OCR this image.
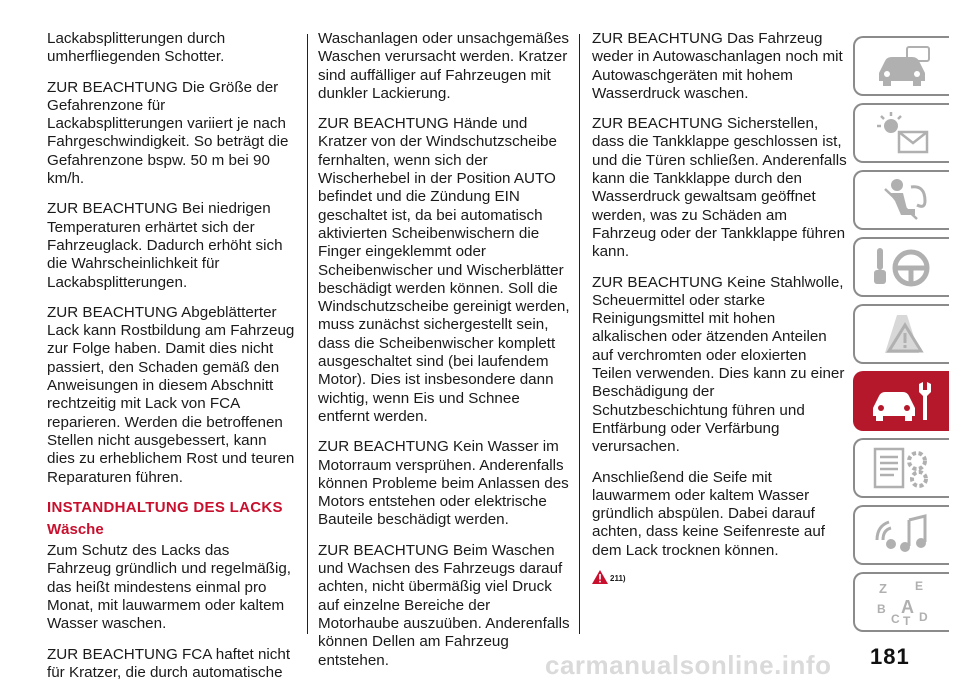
Lackabsplitterungen durch umherfliegenden Schotter.

ZUR BEACHTUNG Die Größe der Gefahrenzone für Lackabsplitterungen variiert je nach Fahrgeschwindigkeit. So beträgt die Gefahrenzone bspw. 50 m bei 90 km/h.

ZUR BEACHTUNG Bei niedrigen Temperaturen erhärtet sich der Fahrzeuglack. Dadurch erhöht sich die Wahrscheinlichkeit für Lackabsplitterungen.

ZUR BEACHTUNG Abgeblätterter Lack kann Rostbildung am Fahrzeug zur Folge haben. Damit dies nicht passiert, den Schaden gemäß den Anweisungen in diesem Abschnitt rechtzeitig mit Lack von FCA reparieren. Werden die betroffenen Stellen nicht ausgebessert, kann dies zu erheblichem Rost und teuren Reparaturen führen.

INSTANDHALTUNG DES LACKS
Wäsche

Zum Schutz des Lacks das Fahrzeug gründlich und regelmäßig, das heißt mindestens einmal pro Monat, mit lauwarmem oder kaltem Wasser waschen.

ZUR BEACHTUNG FCA haftet nicht für Kratzer, die durch automatische

Waschanlagen oder unsachgemäßes Waschen verursacht werden. Kratzer sind auffälliger auf Fahrzeugen mit dunkler Lackierung.

ZUR BEACHTUNG Hände und Kratzer von der Windschutzscheibe fernhalten, wenn sich der Wischerhebel in der Position AUTO befindet und die Zündung EIN geschaltet ist, da bei automatisch aktivierten Scheibenwischern die Finger eingeklemmt oder Scheibenwischer und Wischerblätter beschädigt werden können. Soll die Windschutzscheibe gereinigt werden, muss zunächst sichergestellt sein, dass die Scheibenwischer komplett ausgeschaltet sind (bei laufendem Motor). Dies ist insbesondere dann wichtig, wenn Eis und Schnee entfernt werden.

ZUR BEACHTUNG Kein Wasser im Motorraum versprühen. Anderenfalls können Probleme beim Anlassen des Motors entstehen oder elektrische Bauteile beschädigt werden.

ZUR BEACHTUNG Beim Waschen und Wachsen des Fahrzeugs darauf achten, nicht übermäßig viel Druck auf einzelne Bereiche der Motorhaube auszuüben. Anderenfalls können Dellen am Fahrzeug entstehen.

ZUR BEACHTUNG Das Fahrzeug weder in Autowaschanlagen noch mit Autowaschgeräten mit hohem Wasserdruck waschen.

ZUR BEACHTUNG Sicherstellen, dass die Tankklappe geschlossen ist, und die Türen schließen. Anderenfalls kann die Tankklappe durch den Wasserdruck gewaltsam geöffnet werden, was zu Schäden am Fahrzeug oder der Tankklappe führen kann.

ZUR BEACHTUNG Keine Stahlwolle, Scheuermittel oder starke Reinigungsmittel mit hohen alkalischen oder ätzenden Anteilen auf verchromten oder eloxierten Teilen verwenden. Dies kann zu einer Beschädigung der Schutzbeschichtung führen und Entfärbung oder Verfärbung verursachen.

Anschließend die Seife mit lauwarmem oder kaltem Wasser gründlich abspülen. Dabei darauf achten, dass keine Seifenreste auf dem Lack trocknen können.

211)
Z E
B A
C T D
carmanualsonline.info 181
